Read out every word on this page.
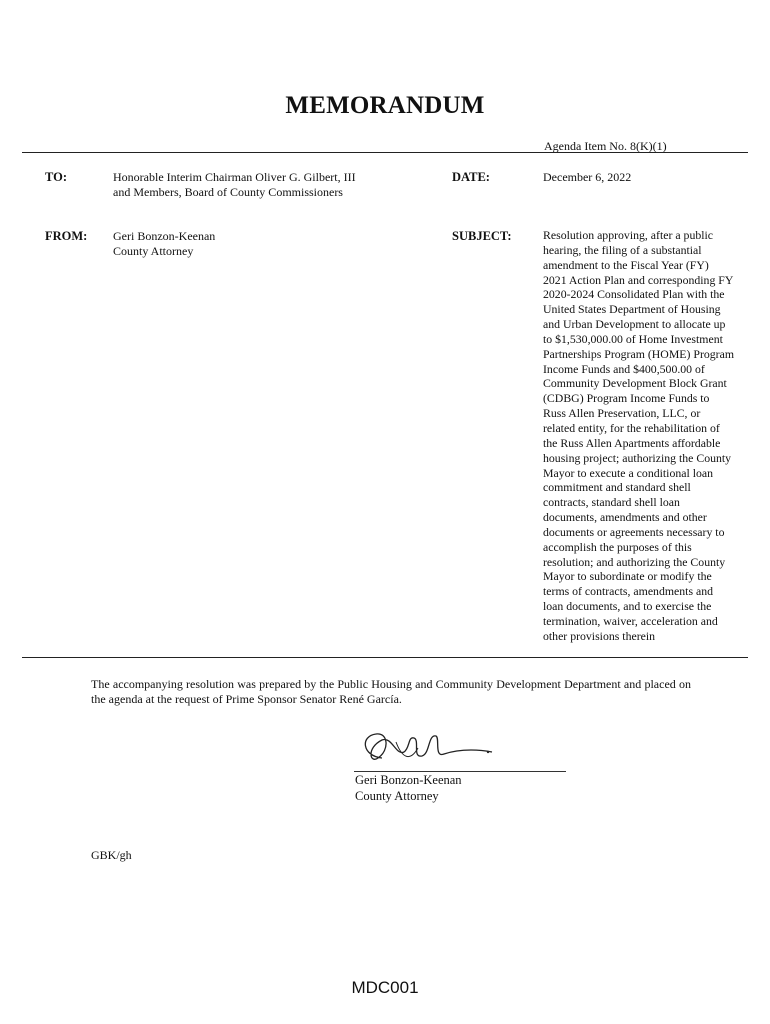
MEMORANDUM
Agenda Item No. 8(K)(1)
TO:	Honorable Interim Chairman Oliver G. Gilbert, III
and Members, Board of County Commissioners
DATE:	December 6, 2022
FROM: Geri Bonzon-Keenan
County Attorney
SUBJECT:	Resolution approving, after a public
hearing, the filing of a substantial
amendment to the Fiscal Year (FY)
2021 Action Plan and corresponding FY
2020-2024 Consolidated Plan with the
United States Department of Housing
and Urban Development to allocate up
to $1,530,000.00 of Home Investment
Partnerships Program (HOME) Program
Income Funds and $400,500.00 of
Community Development Block Grant
(CDBG) Program Income Funds to
Russ Allen Preservation, LLC, or
related entity, for the rehabilitation of
the Russ Allen Apartments affordable
housing project; authorizing the County
Mayor to execute a conditional loan
commitment and standard shell
contracts, standard shell loan
documents, amendments and other
documents or agreements necessary to
accomplish the purposes of this
resolution; and authorizing the County
Mayor to subordinate or modify the
terms of contracts, amendments and
loan documents, and to exercise the
termination, waiver, acceleration and
other provisions therein
The accompanying resolution was prepared by the Public Housing and Community Development Department and placed on the agenda at the request of Prime Sponsor Senator René García.
Geri Bonzon-Keenan
County Attorney
GBK/gh
MDC001
